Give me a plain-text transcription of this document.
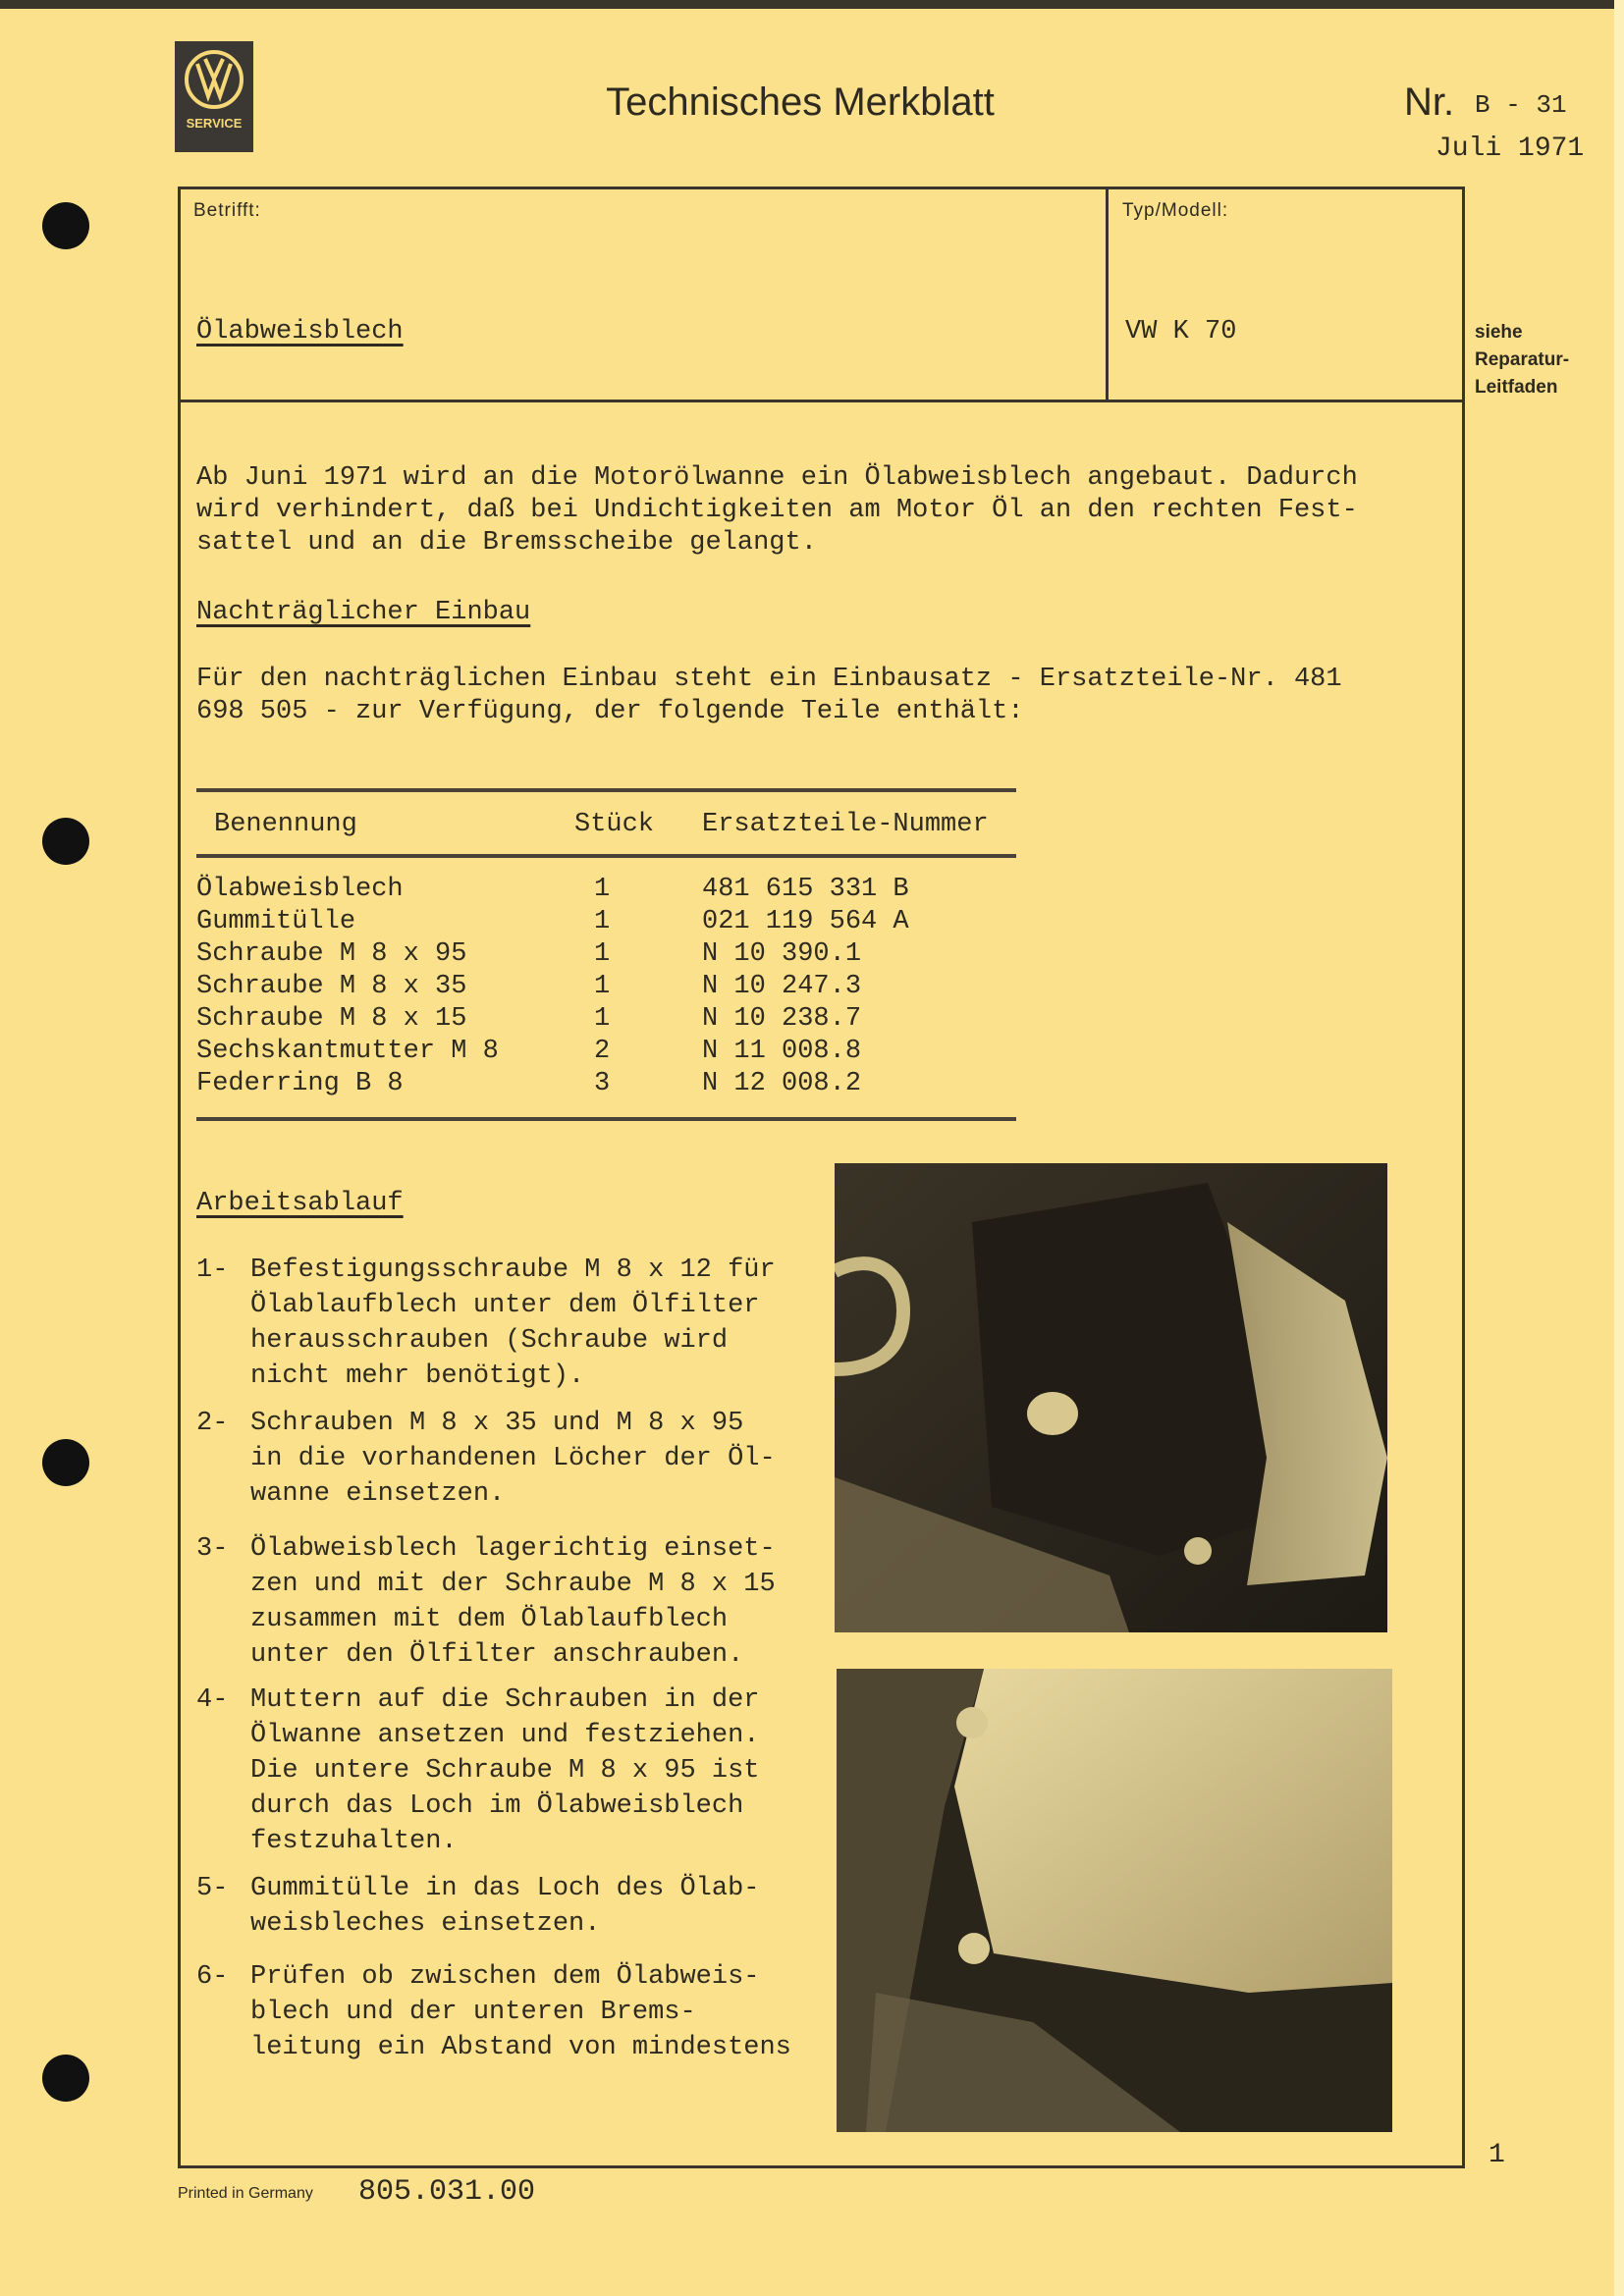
SERVICE	Technisches Merkblatt	Nr. B - 31
Juli 1971
Betrifft:
Ölabweisblech
Typ/Modell:
VW K 70	siehe
Reparatur-
Leitfaden
Ab Juni 1971 wird an die Motorölwanne ein Ölabweisblech angebaut. Dadurch
wird verhindert, daß bei Undichtigkeiten am Motor Öl an den rechten Fest-
sattel und an die Bremsscheibe gelangt.
Nachträglicher Einbau
Für den nachträglichen Einbau steht ein Einbausatz - Ersatzteile-Nr. 481
698 505 - zur Verfügung, der folgende Teile enthält:
Benennung	Stück	Ersatzteile-Nummer
Ölabweisblech	1	481 615 331 B
Gummitülle	1	021 119 564 A
Schraube M 8 x 95	1	N 10 390.1
Schraube M 8 x 35	1	N 10 247.3
Schraube M 8 x 15	1	N 10 238.7
Sechskantmutter M 8	2	N 11 008.8
Federring B 8	3	N 12 008.2
Arbeitsablauf
1- Befestigungsschraube M 8 x 12 für
Ölablaufblech unter dem Ölfilter
herausschrauben (Schraube wird
nicht mehr benötigt).
2- Schrauben M 8 x 35 und M 8 x 95
in die vorhandenen Löcher der Öl-
wanne einsetzen.
3- Ölabweisblech lagerichtig einset-
zen und mit der Schraube M 8 x 15
zusammen mit dem Ölablaufblech
unter den Ölfilter anschrauben.
4- Muttern auf die Schrauben in der
Ölwanne ansetzen und festziehen.
Die untere Schraube M 8 x 95 ist
durch das Loch im Ölabweisblech
festzuhalten.
5- Gummitülle in das Loch des Ölab-
weisbleches einsetzen.
6- Prüfen ob zwischen dem Ölabweis-
blech und der unteren Brems-
leitung ein Abstand von mindestens
Printed in Germany 805.031.00
1
